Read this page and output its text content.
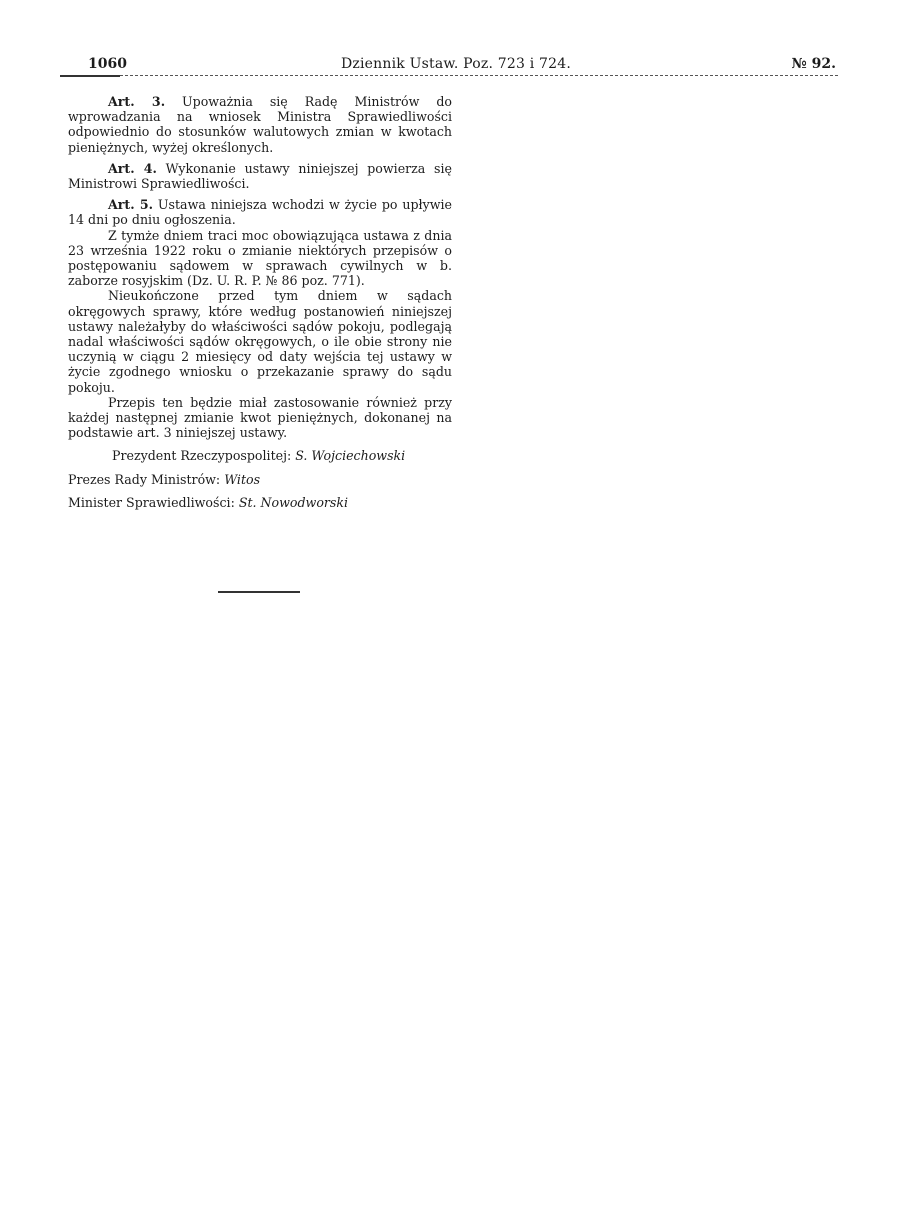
1060	Dziennik Ustaw. Poz. 723 i 724.	№ 92.

Art. 3. Upoważnia się Radę Ministrów do wprowadzania na wniosek Ministra Sprawiedliwości odpowiednio do stosunków walutowych zmian w kwotach pieniężnych, wyżej określonych.

Art. 4. Wykonanie ustawy niniejszej powierza się Ministrowi Sprawiedliwości.

Art. 5. Ustawa niniejsza wchodzi w życie po upływie 14 dni po dniu ogłoszenia.

Z tymże dniem traci moc obowiązująca ustawa z dnia 23 września 1922 roku o zmianie niektórych przepisów o postępowaniu sądowem w sprawach cywilnych w b. zaborze rosyjskim (Dz. U. R. P. № 86 poz. 771).

Nieukończone przed tym dniem w sądach okręgowych sprawy, które według postanowień niniejszej ustawy należałyby do właściwości sądów pokoju, podlegają nadal właściwości sądów okręgowych, o ile obie strony nie uczynią w ciągu 2 miesięcy od daty wejścia tej ustawy w życie zgodnego wniosku o przekazanie sprawy do sądu pokoju.

Przepis ten będzie miał zastosowanie również przy każdej następnej zmianie kwot pieniężnych, dokonanej na podstawie art. 3 niniejszej ustawy.

Prezydent Rzeczypospolitej: S. Wojciechowski

Prezes Rady Ministrów: Witos

Minister Sprawiedliwości: St. Nowodworski
